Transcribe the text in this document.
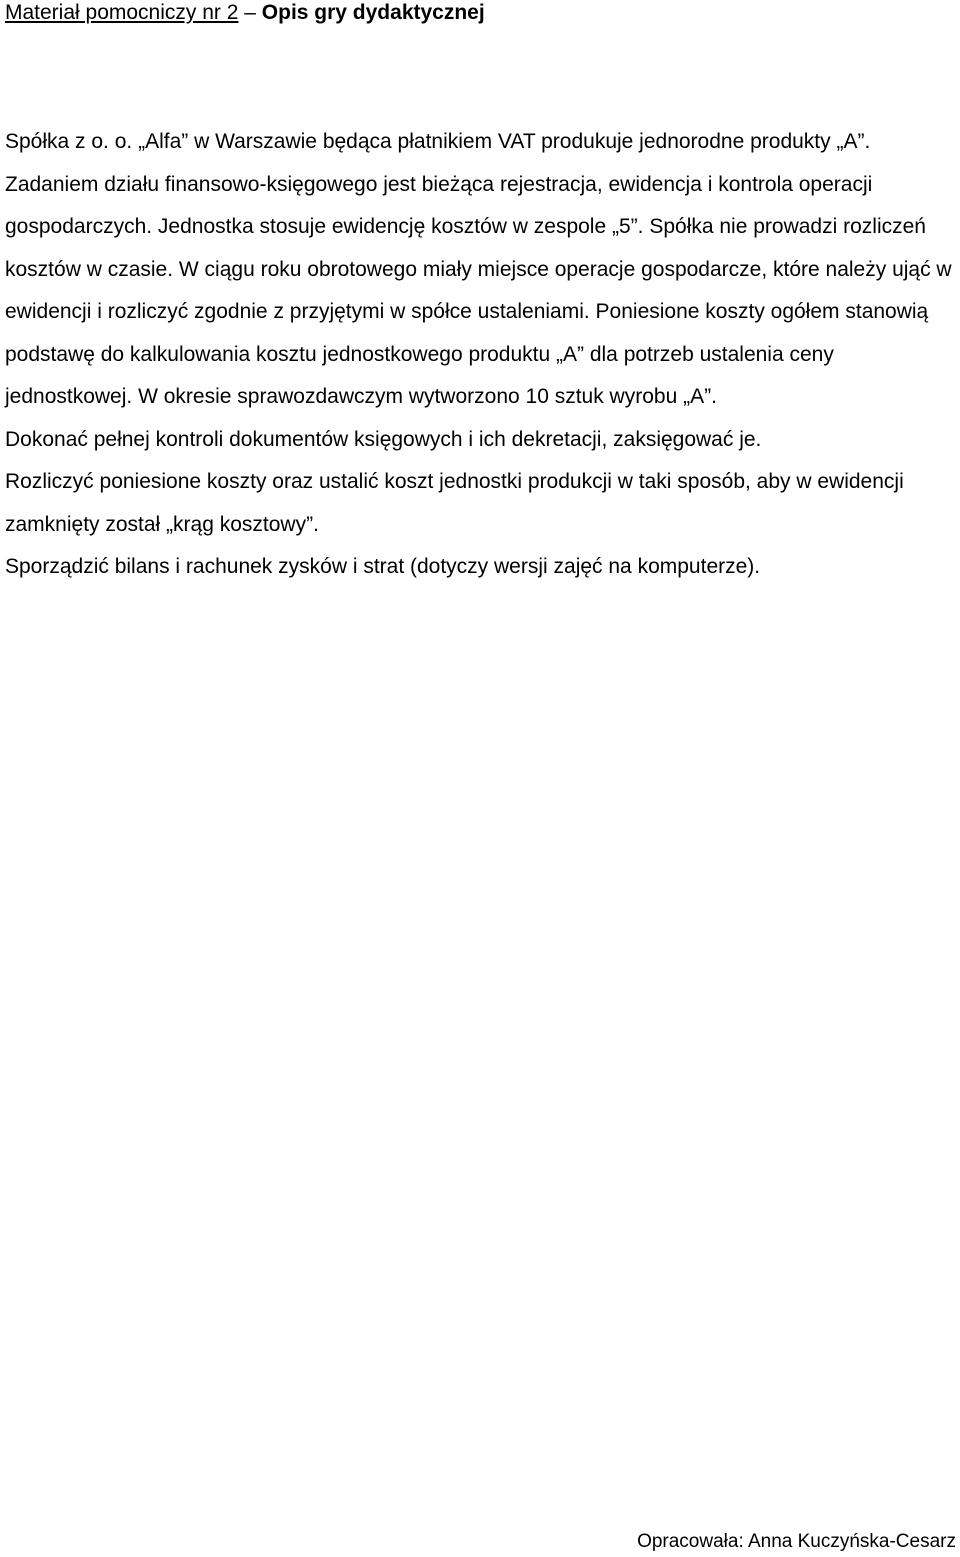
Materiał pomocniczy nr 2 – Opis gry dydaktycznej

Spółka z o. o. „Alfa” w Warszawie będąca płatnikiem VAT produkuje jednorodne produkty „A”.

Zadaniem działu finansowo-księgowego jest bieżąca rejestracja, ewidencja i kontrola operacji gospodarczych. Jednostka stosuje ewidencję kosztów w zespole „5”. Spółka nie prowadzi rozliczeń kosztów w czasie. W ciągu roku obrotowego miały miejsce operacje gospodarcze, które należy ująć w ewidencji i rozliczyć zgodnie z przyjętymi w spółce ustaleniami. Poniesione koszty ogółem stanowią podstawę do kalkulowania kosztu jednostkowego produktu „A” dla potrzeb ustalenia ceny jednostkowej. W okresie sprawozdawczym wytworzono 10 sztuk wyrobu „A”.

Dokonać pełnej kontroli dokumentów księgowych i ich dekretacji, zaksięgować je.

Rozliczyć poniesione koszty oraz ustalić koszt jednostki produkcji w taki sposób, aby w ewidencji zamknięty został „krąg kosztowy”.

Sporządzić bilans i rachunek zysków i strat (dotyczy wersji zajęć na komputerze).

Opracowała: Anna Kuczyńska-Cesarz
